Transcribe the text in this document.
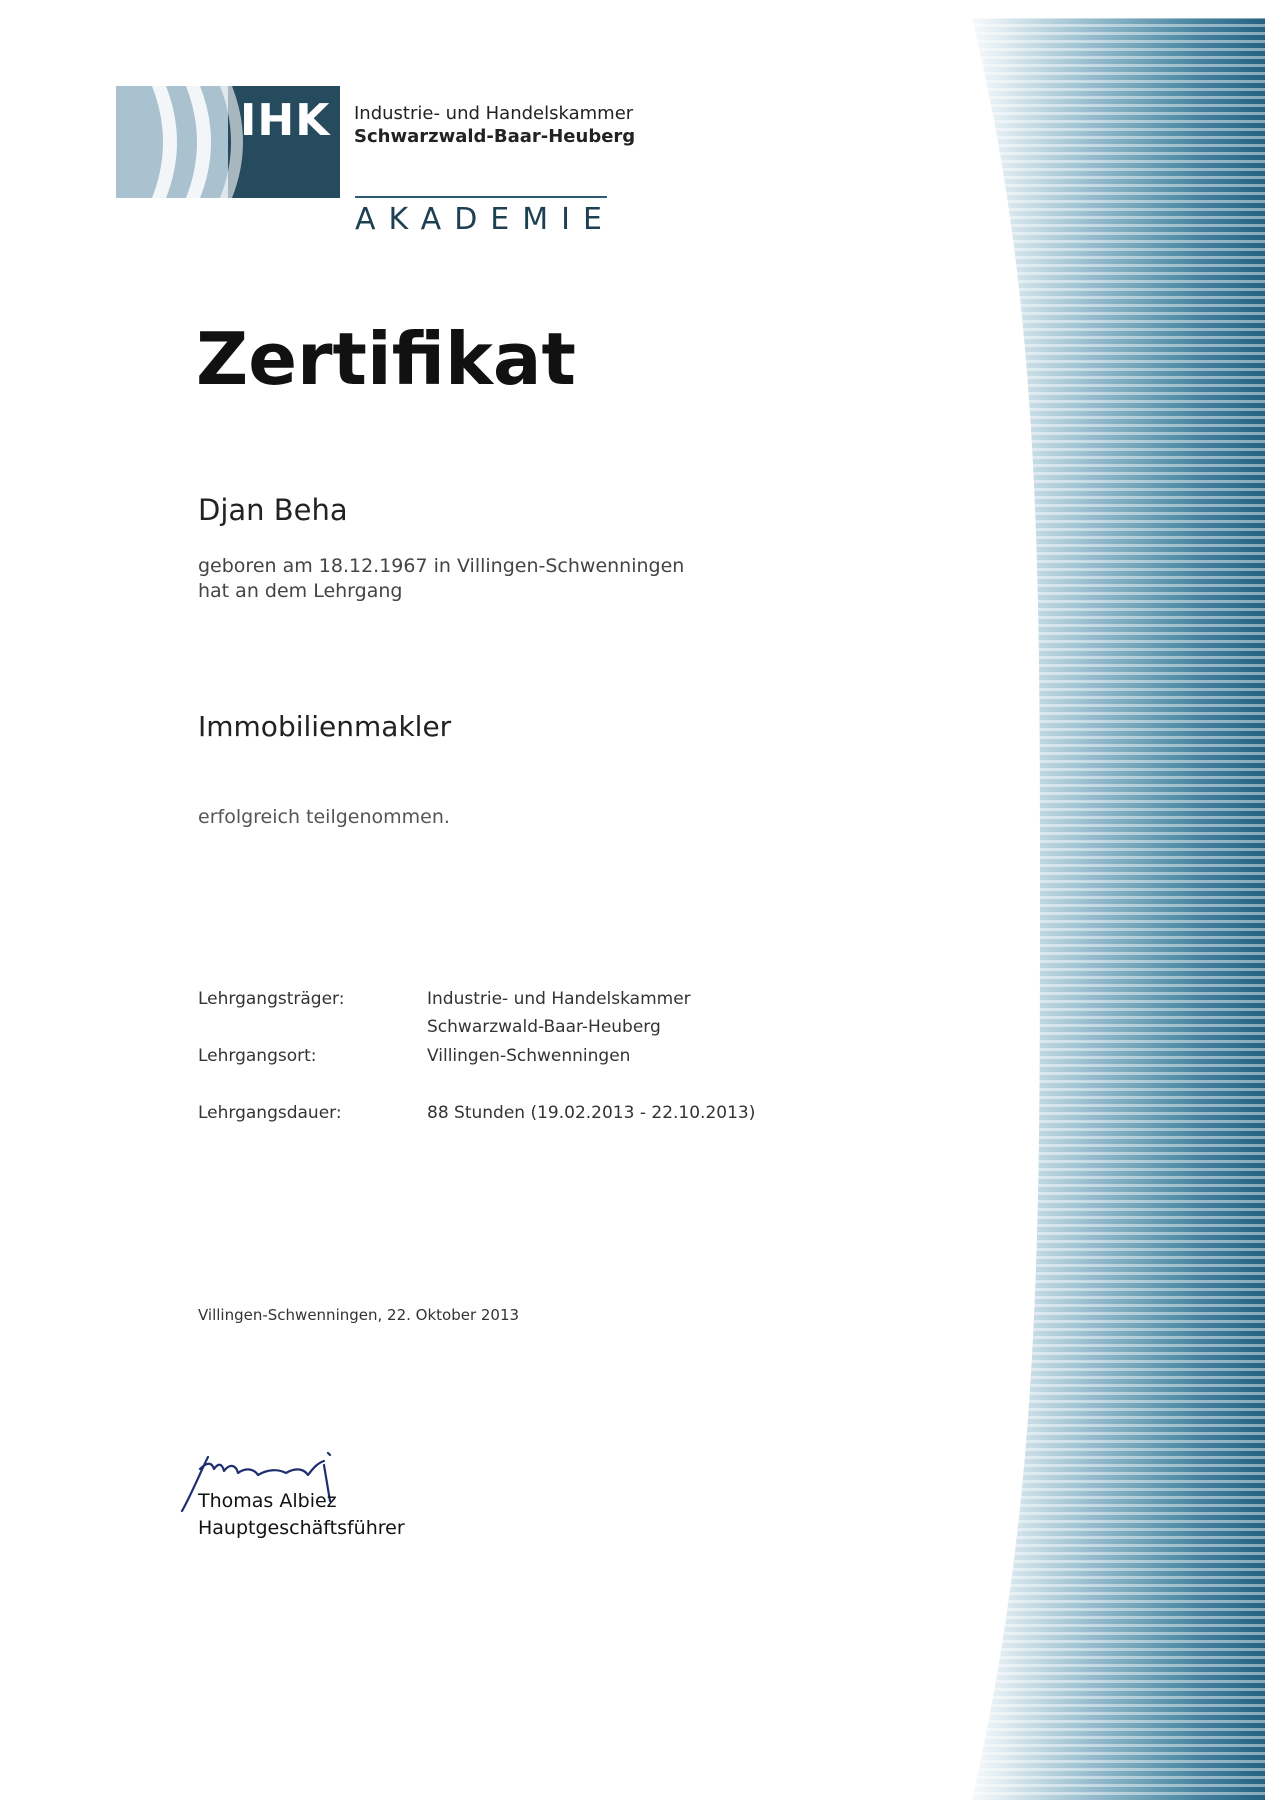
IHK Industrie- und Handelskammer
Schwarzwald-Baar-Heuberg
AKADEMIE
Zertifikat
Djan Beha
geboren am 18.12.1967 in Villingen-Schwenningen
hat an dem Lehrgang
Immobilienmakler
erfolgreich teilgenommen.
Lehrgangsträger:	Industrie- und Handelskammer
Schwarzwald-Baar-Heuberg
Lehrgangsort:	Villingen-Schwenningen
Lehrgangsdauer:	88 Stunden (19.02.2013 - 22.10.2013)
Villingen-Schwenningen, 22. Oktober 2013
Thomas Albiez
Hauptgeschäftsführer
